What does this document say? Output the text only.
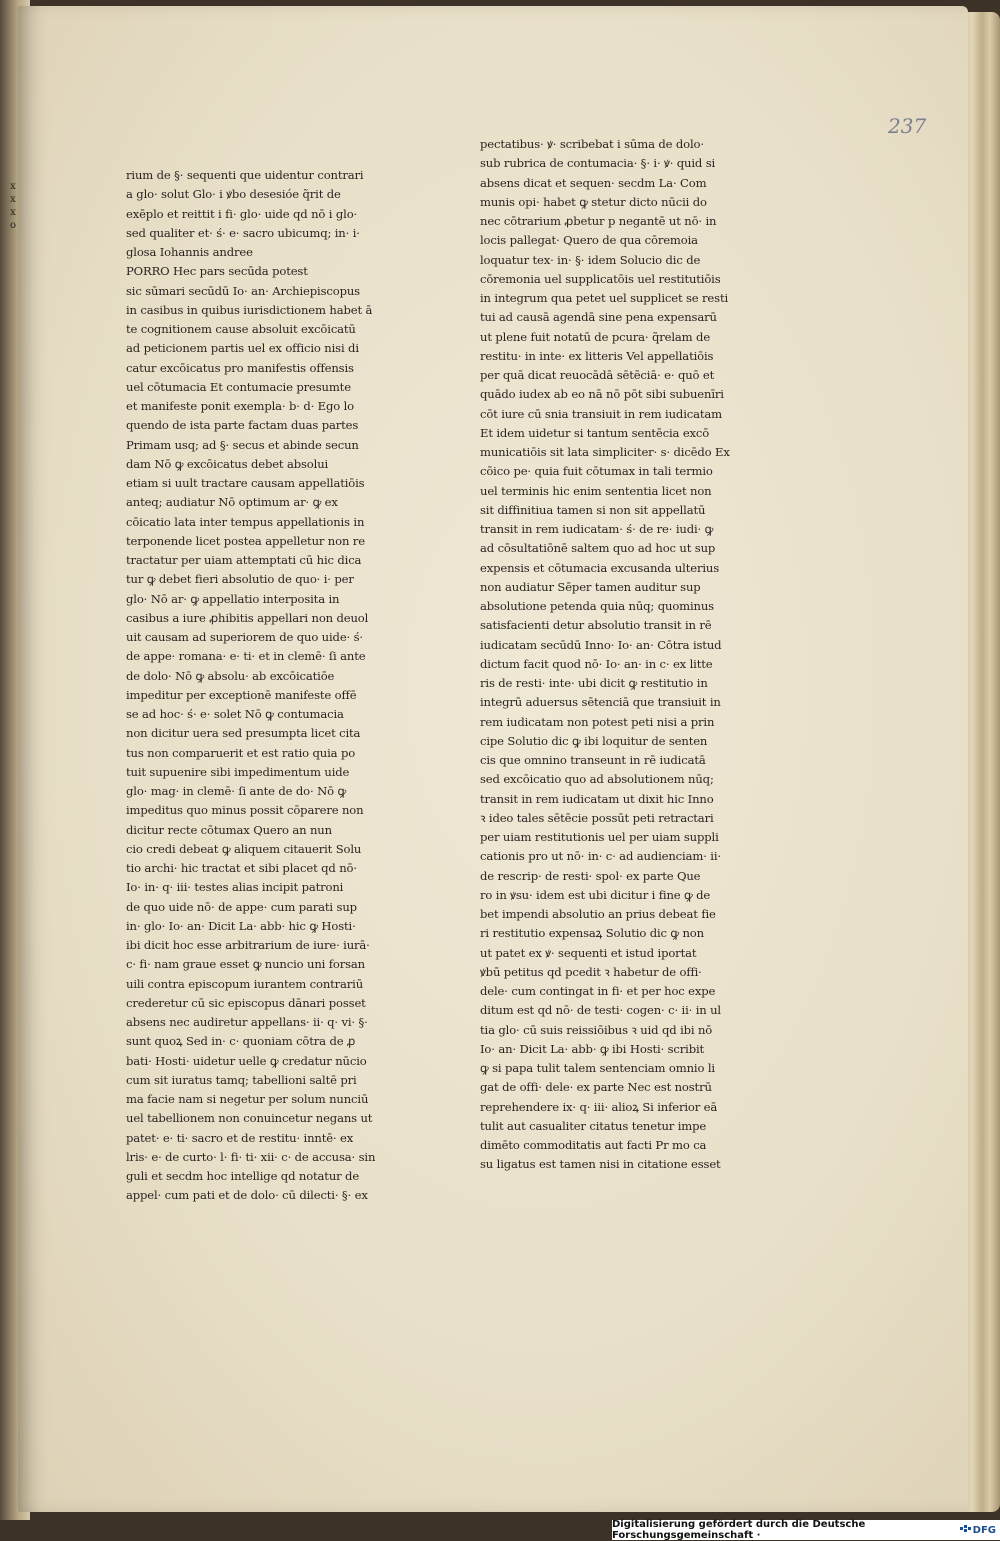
237
x
x
x
o
rium de §· sequenti que uidentur contrari
a glo· solut Glo· i ꝟbo desesióe q̃rit de
exēplo et reittit i fi· glo· uide qd nō i glo·
sed qualiter et· ś· e· sacro ubicumq; in· i·
glosa Iohannis andree
PORRO Hec pars secūda potest
sic sūmari secūdū Io· an· Archiepiscopus
in casibus in quibus iurisdictionem habet ā
te cognitionem cause absoluit excōicatū
ad peticionem partis uel ex officio nisi di
catur excōicatus pro manifestis offensis
uel cōtumacia Et contumacie presumte
et manifeste ponit exempla· b· d· Ego lo
quendo de ista parte factam duas partes
Primam usq; ad §· secus et abinde secun
dam Nō ꝙ excōicatus debet absolui
etiam si uult tractare causam appellatiōis
anteq; audiatur Nō optimum ar· ꝙ ex
cōicatio lata inter tempus appellationis in
terponende licet postea appelletur non re
tractatur per uiam attemptati cū hic dica
tur ꝙ debet fieri absolutio de quo· i· per
glo· Nō ar· ꝙ appellatio interposita in
casibus a iure ꝓhibitis appellari non deuol
uit causam ad superiorem de quo uide· ś·
de appe· romana· e· ti· et in clemē· ſi ante
de dolo· Nō ꝙ absolu· ab excōicatiōe
impeditur per exceptionē manifeste offē
se ad hoc· ś· e· solet Nō ꝙ contumacia
non dicitur uera sed presumpta licet cita
tus non comparuerit et est ratio quia po
tuit supuenire sibi impedimentum uide
glo· mag· in clemē· ſi ante de do· Nō ꝙ
impeditus quo minus possit cōparere non
dicitur recte cōtumax Quero an nun
cio credi debeat ꝙ aliquem citauerit Solu
tio archi· hic tractat et sibi placet qd nō·
Io· in· q· iii· testes alias incipit patroni
de quo uide nō· de appe· cum parati sup
in· glo· Io· an· Dicit La· abb· hic ꝙ Hosti·
ibi dicit hoc esse arbitrarium de iure· iurā·
c· fi· nam graue esset ꝙ nuncio uni forsan
uili contra episcopum iurantem contrariū
crederetur cū sic episcopus dānari posset
absens nec audiretur appellans· ii· q· vi· §·
sunt quoꝝ Sed in· c· quoniam cōtra de ꝓ
bati· Hosti· uidetur uelle ꝙ credatur nūcio
cum sit iuratus tamq; tabellioni saltē pri
ma facie nam si negetur per solum nunciū
uel tabellionem non conuincetur negans ut
patet· e· ti· sacro et de restitu· inntē· ex
lris· e· de curto· l· fi· ti· xii· c· de accusa· sin
guli et secdm hoc intellige qd notatur de
appel· cum pati et de dolo· cū dilecti· §· ex
pectatibus· ꝟ· scribebat i sūma de dolo·
sub rubrica de contumacia· §· i· ꝟ· quid si
absens dicat et sequen· secdm La· Com
munis opi· habet ꝙ stetur dicto nūcii do
nec cōtrarium ꝓbetur p negantē ut nō· in
locis pallegat· Quero de qua cōremoia
loquatur tex· in· §· idem Solucio dic de
cōremonia uel supplicatōis uel restitutiōis
in integrum qua petet uel supplicet se resti
tui ad causā agendā sine pena expensarū
ut plene fuit notatū de pcura· q̃relam de
restitu· in inte· ex litteris Vel appellatiōis
per quā dicat reuocādā sētēciā· e· quō et
quādo iudex ab eo nā nō pōt sibi subuenīri
cōt iure cū snia transiuit in rem iudicatam
Et idem uidetur si tantum sentēcia excō
municatiōis sit lata simpliciter· s· dicēdo Ex
cōico pe· quia fuit cōtumax in tali termio
uel terminis hic enim sententia licet non
sit diffinitiua tamen si non sit appellatū
transit in rem iudicatam· ś· de re· iudi· ꝙ
ad cōsultatiōnē saltem quo ad hoc ut sup
expensis et cōtumacia excusanda ulterius
non audiatur Sēper tamen auditur sup
absolutione petenda quia nūq; quominus
satisfacienti detur absolutio transit in rē
iudicatam secūdū Inno· Io· an· Cōtra istud
dictum facit quod nō· Io· an· in c· ex litte
ris de resti· inte· ubi dicit ꝙ restitutio in
integrū aduersus sētenciā que transiuit in
rem iudicatam non potest peti nisi a prin
cipe Solutio dic ꝙ ibi loquitur de senten
cis que omnino transeunt in rē iudicatā
sed excōicatio quo ad absolutionem nūq;
transit in rem iudicatam ut dixit hic Inno
ꝛ ideo tales sētēcie possūt peti retractari
per uiam restitutionis uel per uiam suppli
cationis pro ut nō· in· c· ad audienciam· ii·
de rescrip· de resti· spol· ex parte Que
ro in ꝟsu· idem est ubi dicitur i fine ꝙ de
bet impendi absolutio an prius debeat fie
ri restitutio expensaꝝ Solutio dic ꝙ non
ut patet ex ꝟ· sequenti et istud iportat
ꝟbū petitus qd pcedit ꝛ habetur de offi·
dele· cum contingat in fi· et per hoc expe
ditum est qd nō· de testi· cogen· c· ii· in ul
tia glo· cū suis reissiōibus ꝛ uid qd ibi nō
Io· an· Dicit La· abb· ꝙ ibi Hosti· scribit
ꝙ si papa tulit talem sentenciam omnio li
gat de offi· dele· ex parte Nec est nostrū
reprehendere ix· q· iii· alioꝝ Si inferior eā
tulit aut casualiter citatus tenetur impe
dimēto commoditatis aut facti Pr mo ca
su ligatus est tamen nisi in citatione esset
Digitalisierung gefördert durch die Deutsche Forschungsgemeinschaft ·	DFG
